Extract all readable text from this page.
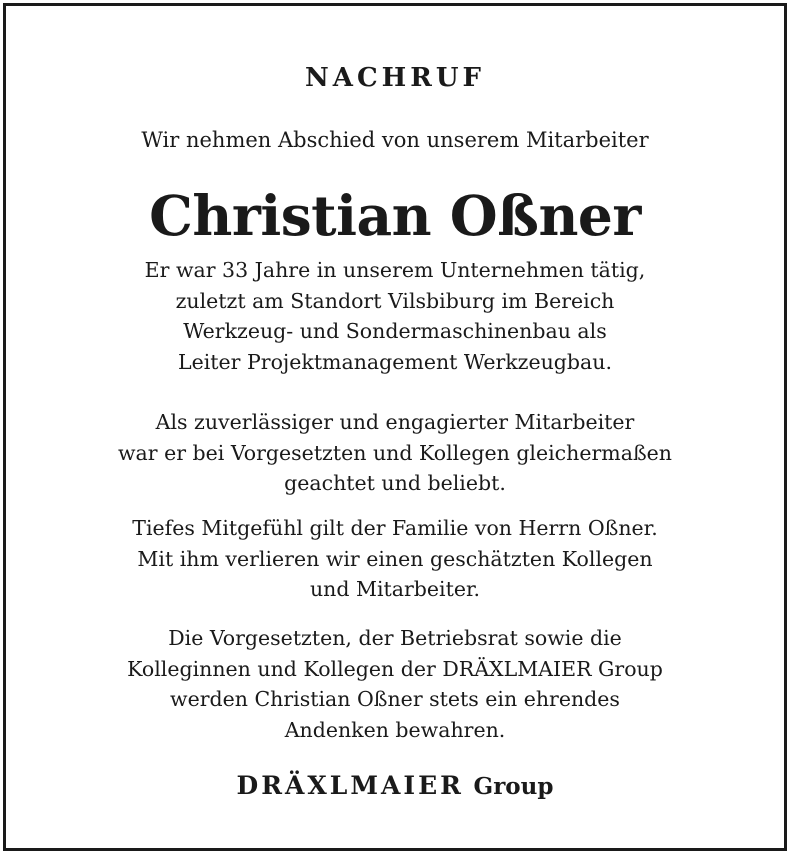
NACHRUF
Wir nehmen Abschied von unserem Mitarbeiter
Christian Oßner
Er war 33 Jahre in unserem Unternehmen tätig,
zuletzt am Standort Vilsbiburg im Bereich
Werkzeug- und Sondermaschinenbau als
Leiter Projektmanagement Werkzeugbau.
Als zuverlässiger und engagierter Mitarbeiter
war er bei Vorgesetzten und Kollegen gleichermaßen
geachtet und beliebt.
Tiefes Mitgefühl gilt der Familie von Herrn Oßner.
Mit ihm verlieren wir einen geschätzten Kollegen
und Mitarbeiter.
Die Vorgesetzten, der Betriebsrat sowie die
Kolleginnen und Kollegen der DRÄXLMAIER Group
werden Christian Oßner stets ein ehrendes
Andenken bewahren.
DRÄXLMAIER Group
